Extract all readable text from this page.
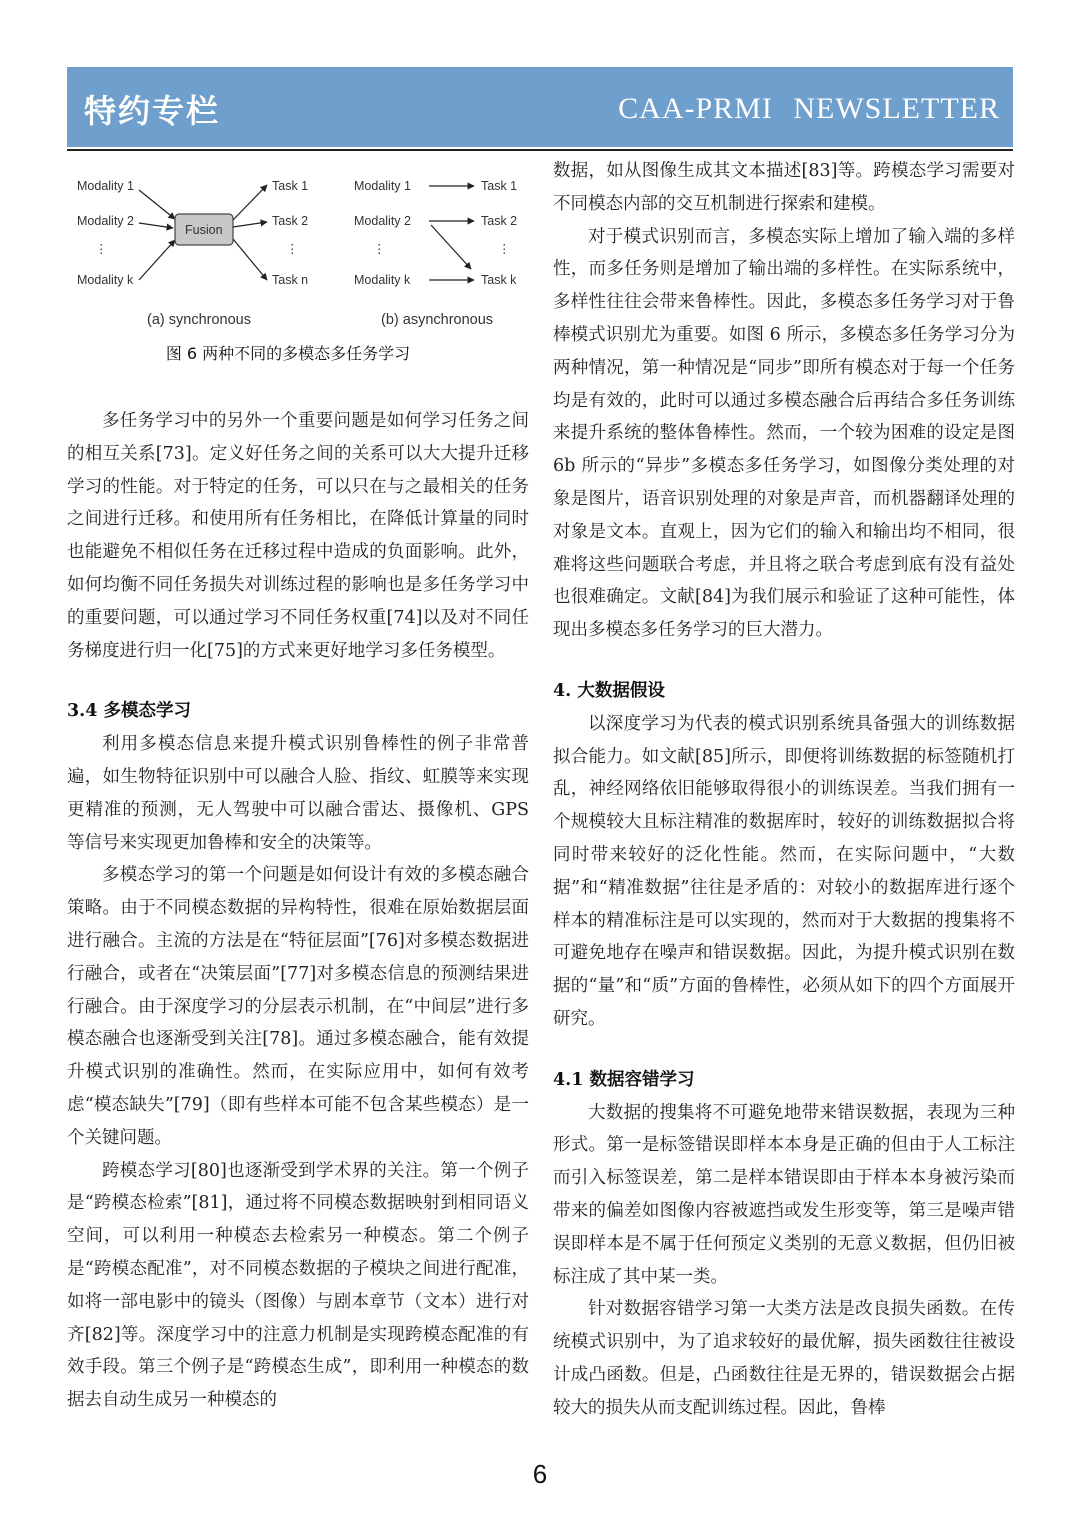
特约专栏	CAA-PRMI NEWSLETTER
Modality 1
Modality 2
⋮
Modality k
Fusion
Task 1
Task 2
⋮
Task n
(a) synchronous
Modality 1
Modality 2
⋮
Modality k
Task 1
Task 2
⋮
Task k
(b) asynchronous
图 6 两种不同的多模态多任务学习

多任务学习中的另外一个重要问题是如何学习任务之间的相互关系[73]。定义好任务之间的关系可以大大提升迁移学习的性能。对于特定的任务，可以只在与之最相关的任务之间进行迁移。和使用所有任务相比，在降低计算量的同时也能避免不相似任务在迁移过程中造成的负面影响。此外，如何均衡不同任务损失对训练过程的影响也是多任务学习中的重要问题，可以通过学习不同任务权重[74]以及对不同任务梯度进行归一化[75]的方式来更好地学习多任务模型。

3.4 多模态学习

利用多模态信息来提升模式识别鲁棒性的例子非常普遍，如生物特征识别中可以融合人脸、指纹、虹膜等来实现更精准的预测，无人驾驶中可以融合雷达、摄像机、GPS 等信号来实现更加鲁棒和安全的决策等。

多模态学习的第一个问题是如何设计有效的多模态融合策略。由于不同模态数据的异构特性，很难在原始数据层面进行融合。主流的方法是在“特征层面”[76]对多模态数据进行融合，或者在“决策层面”[77]对多模态信息的预测结果进行融合。由于深度学习的分层表示机制，在“中间层”进行多模态融合也逐渐受到关注[78]。通过多模态融合，能有效提升模式识别的准确性。然而，在实际应用中，如何有效考虑“模态缺失”[79]（即有些样本可能不包含某些模态）是一个关键问题。

跨模态学习[80]也逐渐受到学术界的关注。第一个例子是“跨模态检索”[81]，通过将不同模态数据映射到相同语义空间，可以利用一种模态去检索另一种模态。第二个例子是“跨模态配准”，对不同模态数据的子模块之间进行配准，如将一部电影中的镜头（图像）与剧本章节（文本）进行对齐[82]等。深度学习中的注意力机制是实现跨模态配准的有效手段。第三个例子是“跨模态生成”，即利用一种模态的数据去自动生成另一种模态的

数据，如从图像生成其文本描述[83]等。跨模态学习需要对不同模态内部的交互机制进行探索和建模。

对于模式识别而言，多模态实际上增加了输入端的多样性，而多任务则是增加了输出端的多样性。在实际系统中，多样性往往会带来鲁棒性。因此，多模态多任务学习对于鲁棒模式识别尤为重要。如图 6 所示，多模态多任务学习分为两种情况，第一种情况是“同步”即所有模态对于每一个任务均是有效的，此时可以通过多模态融合后再结合多任务训练来提升系统的整体鲁棒性。然而，一个较为困难的设定是图 6b 所示的“异步”多模态多任务学习，如图像分类处理的对象是图片，语音识别处理的对象是声音，而机器翻译处理的对象是文本。直观上，因为它们的输入和输出均不相同，很难将这些问题联合考虑，并且将之联合考虑到底有没有益处也很难确定。文献[84]为我们展示和验证了这种可能性，体现出多模态多任务学习的巨大潜力。

4. 大数据假设

以深度学习为代表的模式识别系统具备强大的训练数据拟合能力。如文献[85]所示，即便将训练数据的标签随机打乱，神经网络依旧能够取得很小的训练误差。当我们拥有一个规模较大且标注精准的数据库时，较好的训练数据拟合将同时带来较好的泛化性能。然而，在实际问题中，“大数据”和“精准数据”往往是矛盾的：对较小的数据库进行逐个样本的精准标注是可以实现的，然而对于大数据的搜集将不可避免地存在噪声和错误数据。因此，为提升模式识别在数据的“量”和“质”方面的鲁棒性，必须从如下的四个方面展开研究。

4.1 数据容错学习

大数据的搜集将不可避免地带来错误数据，表现为三种形式。第一是标签错误即样本本身是正确的但由于人工标注而引入标签误差，第二是样本错误即由于样本本身被污染而带来的偏差如图像内容被遮挡或发生形变等，第三是噪声错误即样本是不属于任何预定义类别的无意义数据，但仍旧被标注成了其中某一类。

针对数据容错学习第一大类方法是改良损失函数。在传统模式识别中，为了追求较好的最优解，损失函数往往被设计成凸函数。但是，凸函数往往是无界的，错误数据会占据较大的损失从而支配训练过程。因此，鲁棒

6
